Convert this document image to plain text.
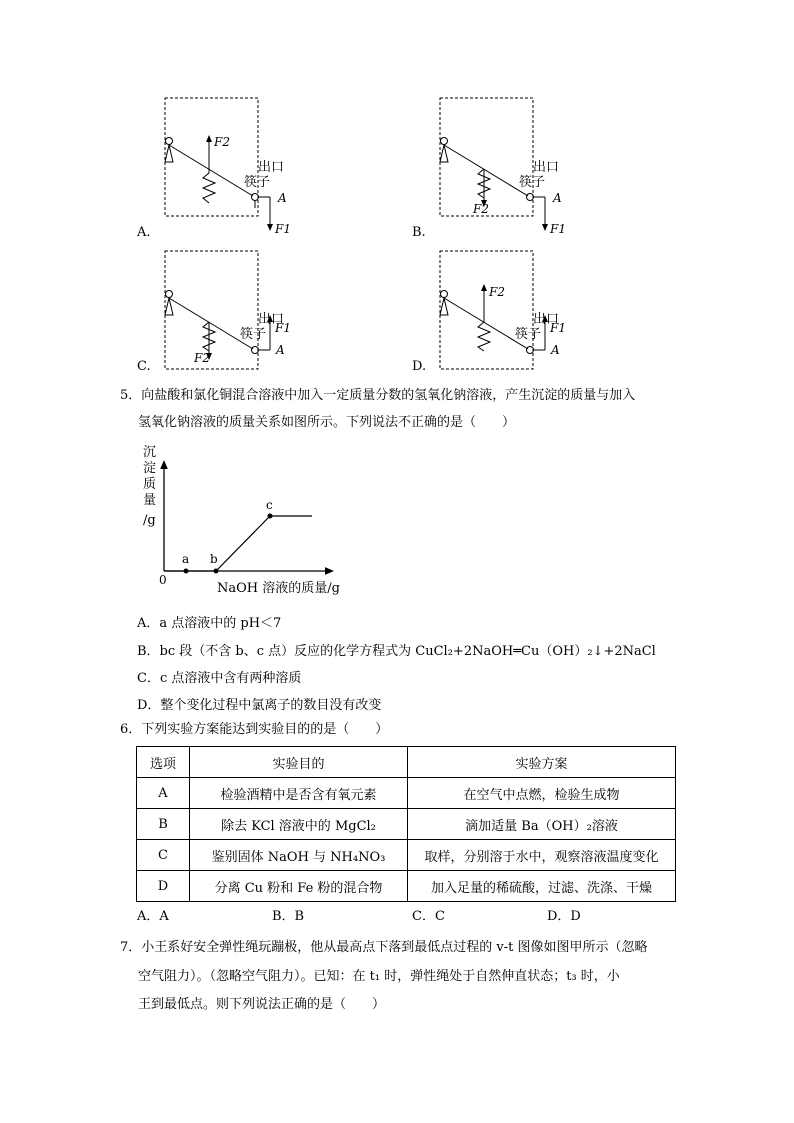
A.
F2
出口
筷子
A
F1	B.
出口
筷子
A
F1
F2
C.
出口
筷子 F1
A
F2
D.
F2
出口
筷子 F1
A
5．向盐酸和氯化铜混合溶液中加入一定质量分数的氢氧化钠溶液，产生沉淀的质量与加入
氢氧化钠溶液的质量关系如图所示。下列说法不正确的是（　　）
沉
淀
质
量
/g
0
a b
c
NaOH 溶液的质量/g
A．a 点溶液中的 pH＜7
B．bc 段（不含 b、c 点）反应的化学方程式为 CuCl₂+2NaOH═Cu（OH）₂↓+2NaCl
C．c 点溶液中含有两种溶质
D．整个变化过程中氯离子的数目没有改变
6．下列实验方案能达到实验目的的是（　　）
选项	实验目的	实验方案
A	检验酒精中是否含有氧元素	在空气中点燃，检验生成物
B	除去 KCl 溶液中的 MgCl₂	滴加适量 Ba（OH）₂溶液
C	鉴别固体 NaOH 与 NH₄NO₃	取样，分别溶于水中，观察溶液温度变化
D	分离 Cu 粉和 Fe 粉的混合物	加入足量的稀硫酸，过滤、洗涤、干燥
A．A	B．B	C．C	D．D
7．小王系好安全弹性绳玩蹦极，他从最高点下落到最低点过程的 v-t 图像如图甲所示（忽略
空气阻力）。（忽略空气阻力）。已知：在 t₁ 时，弹性绳处于自然伸直状态；t₃ 时，小
王到最低点。则下列说法正确的是（　　）
